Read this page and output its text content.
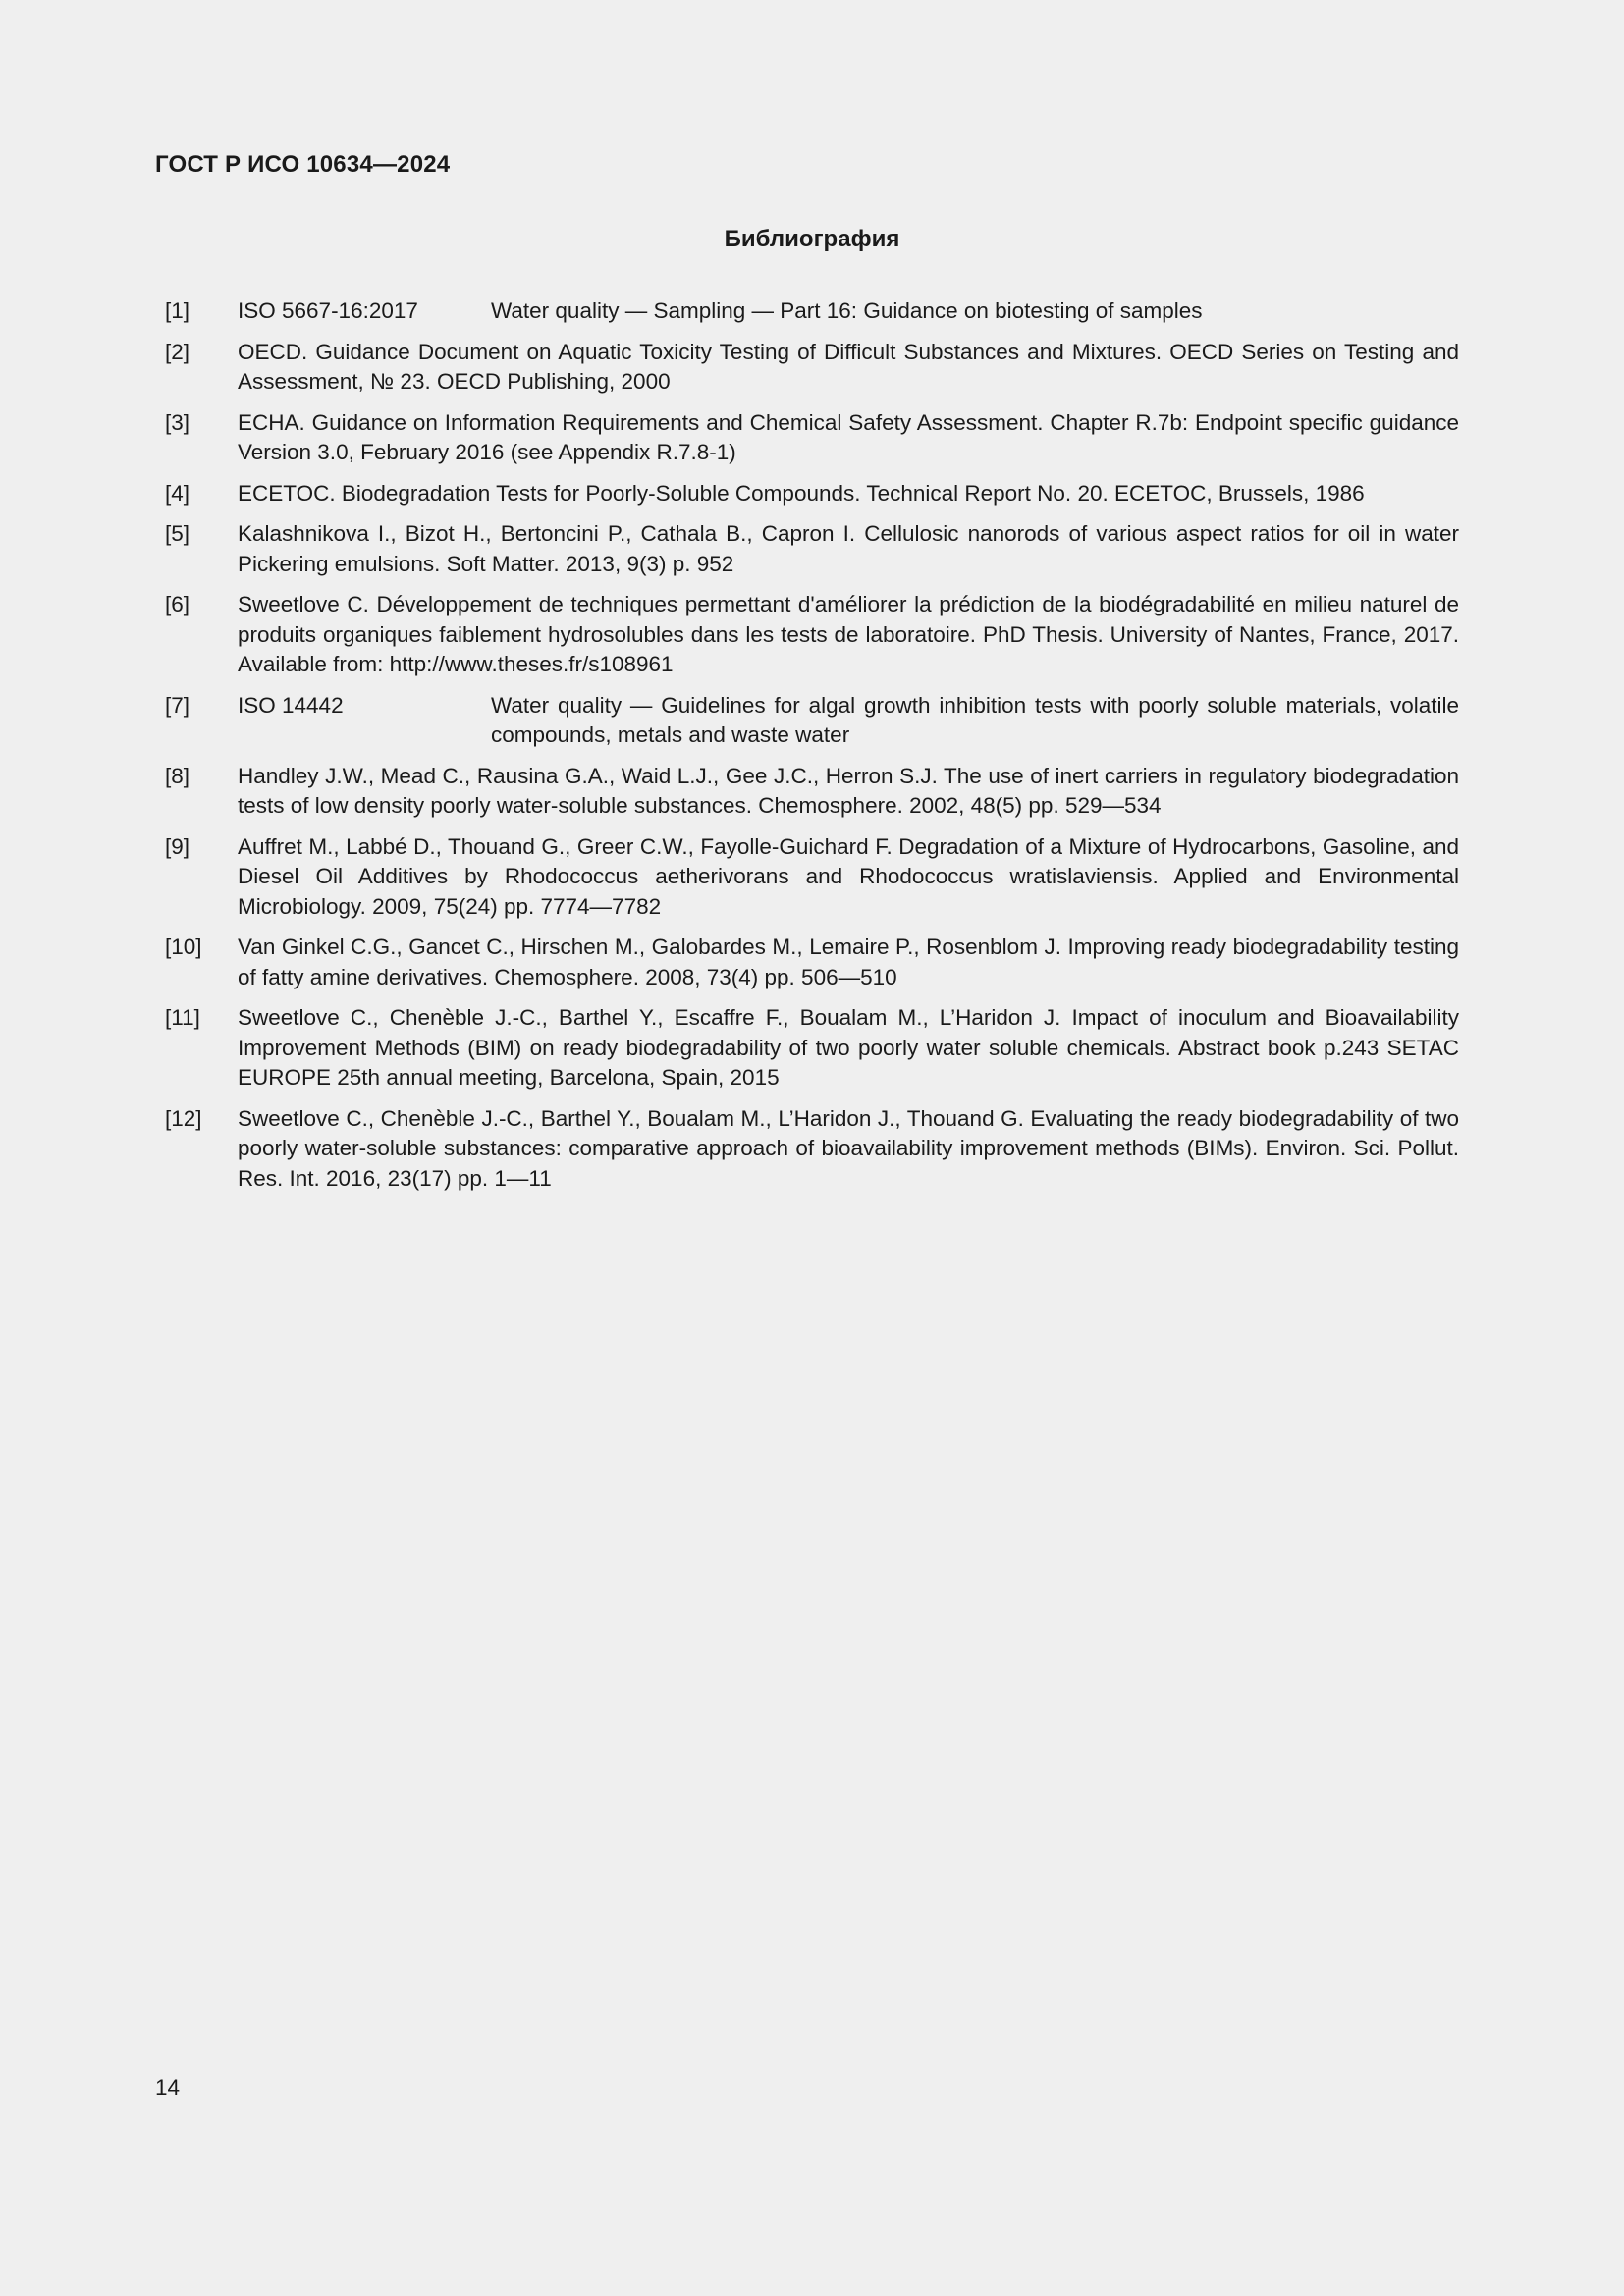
ГОСТ Р ИСО 10634—2024

Библиография
[1]	ISO 5667-16:2017	Water quality — Sampling — Part 16: Guidance on biotesting of samples
[2]	OECD. Guidance Document on Aquatic Toxicity Testing of Difficult Substances and Mixtures. OECD Series on Testing and Assessment, № 23. OECD Publishing, 2000
[3]	ECHA. Guidance on Information Requirements and Chemical Safety Assessment. Chapter R.7b: Endpoint specific guidance Version 3.0, February 2016 (see Appendix R.7.8-1)
[4]	ECETOC. Biodegradation Tests for Poorly-Soluble Compounds. Technical Report No. 20. ECETOC, Brussels, 1986
[5]	Kalashnikova I., Bizot H., Bertoncini P., Cathala B., Capron I. Cellulosic nanorods of various aspect ratios for oil in water Pickering emulsions. Soft Matter. 2013, 9(3) p. 952
[6]	Sweetlove C. Développement de techniques permettant d'améliorer la prédiction de la biodégradabilité en milieu naturel de produits organiques faiblement hydrosolubles dans les tests de laboratoire. PhD Thesis. University of Nantes, France, 2017. Available from: http://www.theses.fr/s108961
[7]	ISO 14442	Water quality — Guidelines for algal growth inhibition tests with poorly soluble materials, volatile compounds, metals and waste water
[8]	Handley J.W., Mead C., Rausina G.A., Waid L.J., Gee J.C., Herron S.J. The use of inert carriers in regulatory biodegradation tests of low density poorly water-soluble substances. Chemosphere. 2002, 48(5) pp. 529—534
[9]	Auffret M., Labbé D., Thouand G., Greer C.W., Fayolle-Guichard F. Degradation of a Mixture of Hydrocarbons, Gasoline, and Diesel Oil Additives by Rhodococcus aetherivorans and Rhodococcus wratislaviensis. Applied and Environmental Microbiology. 2009, 75(24) pp. 7774—7782
[10]	Van Ginkel C.G., Gancet C., Hirschen M., Galobardes M., Lemaire P., Rosenblom J. Improving ready biodegradability testing of fatty amine derivatives. Chemosphere. 2008, 73(4) pp. 506—510
[11]	Sweetlove C., Chenèble J.-C., Barthel Y., Escaffre F., Boualam M., L’Haridon J. Impact of inoculum and Bioavailability Improvement Methods (BIM) on ready biodegradability of two poorly water soluble chemicals. Abstract book p.243 SETAC EUROPE 25th annual meeting, Barcelona, Spain, 2015
[12]	Sweetlove C., Chenèble J.-C., Barthel Y., Boualam M., L’Haridon J., Thouand G. Evaluating the ready biodegradability of two poorly water-soluble substances: comparative approach of bioavailability improvement methods (BIMs). Environ. Sci. Pollut. Res. Int. 2016, 23(17) pp. 1—11

14
